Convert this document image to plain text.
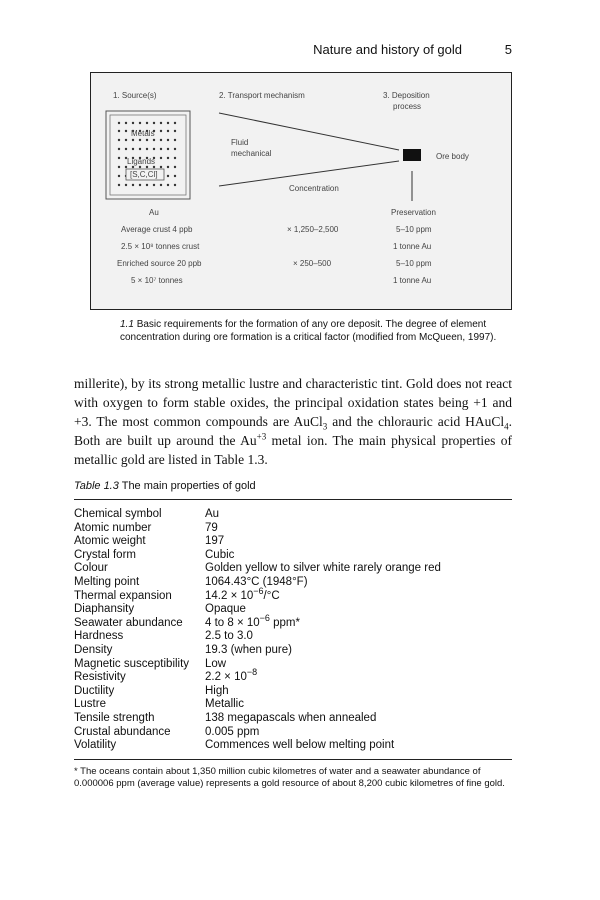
Nature and history of gold	5
1. Source(s)	2. Transport mechanism	3. Deposition
process
Metals
Ligands
[S,C,Cl]
Fluid
mechanical
Concentration
Ore body
Preservation
Au
Average crust 4 ppb
2.5 × 10⁸ tonnes crust
Enriched source 20 ppb
5 × 10⁷ tonnes
× 1,250–2,500
× 250–500
5–10 ppm
1 tonne Au
5–10 ppm
1 tonne Au
1.1 Basic requirements for the formation of any ore deposit. The degree of element concentration during ore formation is a critical factor (modified from McQueen, 1997).

millerite), by its strong metallic lustre and characteristic tint. Gold does not react with oxygen to form stable oxides, the principal oxidation states being +1 and +3. The most common compounds are AuCl$_3$ and the chlorauric acid HAuCl$_4$. Both are built up around the $Au^{+3}$ metal ion. The main physical properties of metallic gold are listed in Table 1.3.

Table 1.3 The main properties of gold
Chemical symbol	Au
Atomic number	79
Atomic weight	197
Crystal form	Cubic
Colour	Golden yellow to silver white rarely orange red
Melting point	1064.43°C (1948°F)
Thermal expansion	$14.2 \times 10^{-6}/^\circ C$
Diaphansity	Opaque
Seawater abundance	4 to $8 \times 10^{-6}$ ppm*
Hardness	2.5 to 3.0
Density	19.3 (when pure)
Magnetic susceptibility	Low
Resistivity	$2.2 \times 10^{-8}$
Ductility	High
Lustre	Metallic
Tensile strength	138 megapascals when annealed
Crustal abundance	0.005 ppm
Volatility	Commences well below melting point
* The oceans contain about 1,350 million cubic kilometres of water and a seawater abundance of 0.000006 ppm (average value) represents a gold resource of about 8,200 cubic kilometres of fine gold.
